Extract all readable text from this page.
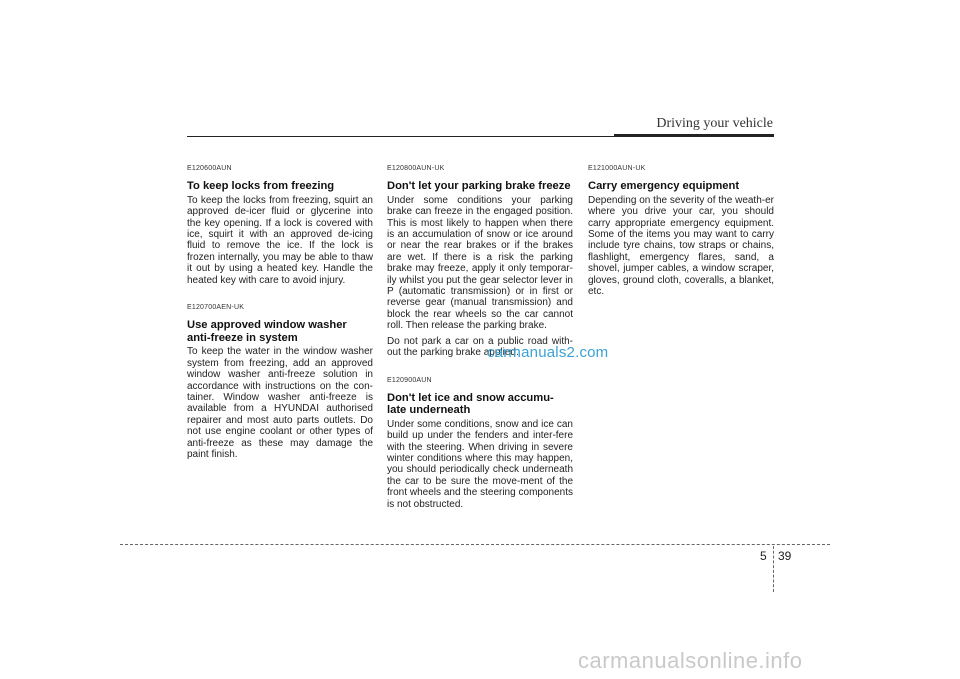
Driving your vehicle
E120600AUN
To keep locks from freezing

To keep the locks from freezing, squirt an approved de-icer fluid or glycerine into the key opening. If a lock is covered with ice, squirt it with an approved de-icing fluid to remove the ice. If the lock is frozen internally, you may be able to thaw it out by using a heated key. Handle the heated key with care to avoid injury.

E120700AEN-UK
Use approved window washer anti-freeze in system

To keep the water in the window washer system from freezing, add an approved window washer anti-freeze solution in accordance with instructions on the con-tainer. Window washer anti-freeze is available from a HYUNDAI authorised repairer and most auto parts outlets. Do not use engine coolant or other types of anti-freeze as these may damage the paint finish.

E120800AUN-UK
Don't let your parking brake freeze

Under some conditions your parking brake can freeze in the engaged position. This is most likely to happen when there is an accumulation of snow or ice around or near the rear brakes or if the brakes are wet. If there is a risk the parking brake may freeze, apply it only temporar-ily whilst you put the gear selector lever in P (automatic transmission) or in first or reverse gear (manual transmission) and block the rear wheels so the car cannot roll. Then release the parking brake.

Do not park a car on a public road with-out the parking brake applied.

E120900AUN
Don't let ice and snow accumu-late underneath

Under some conditions, snow and ice can build up under the fenders and inter-fere with the steering. When driving in severe winter conditions where this may happen, you should periodically check underneath the car to be sure the move-ment of the front wheels and the steering components is not obstructed.

E121000AUN-UK
Carry emergency equipment

Depending on the severity of the weath-er where you drive your car, you should carry appropriate emergency equipment. Some of the items you may want to carry include tyre chains, tow straps or chains, flashlight, emergency flares, sand, a shovel, jumper cables, a window scraper, gloves, ground cloth, coveralls, a blanket, etc.

carmanuals2.com
5 39
carmanualsonline.info
